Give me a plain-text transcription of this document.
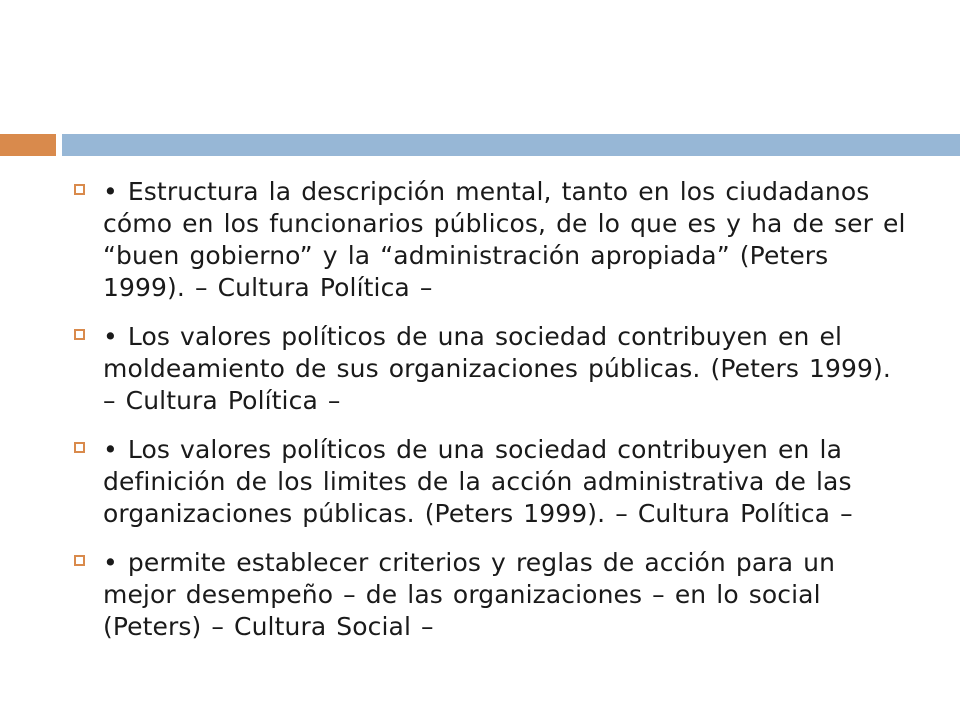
• Estructura la descripción mental, tanto en los ciudadanos cómo en los funcionarios públicos, de lo que es y ha de ser el “buen gobierno” y la “administración apropiada” (Peters 1999). – Cultura Política –
• Los valores políticos de una sociedad contribuyen en el moldeamiento de sus organizaciones públicas. (Peters 1999). – Cultura Política –
• Los valores políticos de una sociedad contribuyen en la definición de los limites de la acción administrativa de las organizaciones públicas. (Peters 1999). – Cultura Política –
• permite establecer criterios y reglas de acción para un mejor desempeño – de las organizaciones – en lo social (Peters) – Cultura Social –
